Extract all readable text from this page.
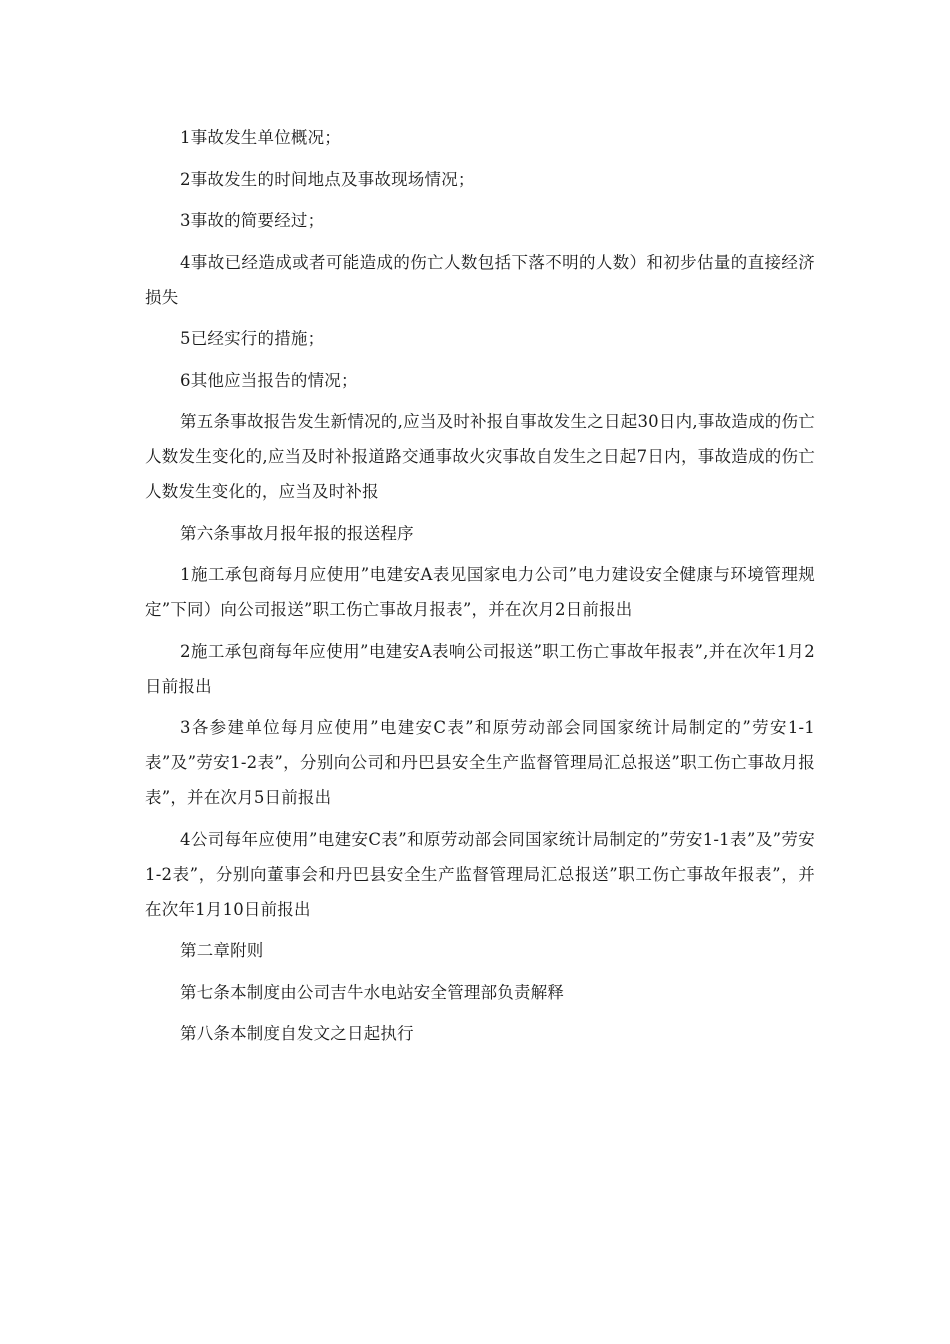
1事故发生单位概况；

2事故发生的时间地点及事故现场情况；

3事故的简要经过；

4事故已经造成或者可能造成的伤亡人数包括下落不明的人数）和初步估量的直接经济损失

5已经实行的措施；

6其他应当报告的情况；

第五条事故报告发生新情况的,应当及时补报自事故发生之日起30日内,事故造成的伤亡人数发生变化的,应当及时补报道路交通事故火灾事故自发生之日起7日内，事故造成的伤亡人数发生变化的，应当及时补报

第六条事故月报年报的报送程序

1施工承包商每月应使用”电建安A表见国家电力公司”电力建设安全健康与环境管理规定”下同）向公司报送”职工伤亡事故月报表”，并在次月2日前报出

2施工承包商每年应使用”电建安A表响公司报送”职工伤亡事故年报表”,并在次年1月2日前报出

3各参建单位每月应使用”电建安C表”和原劳动部会同国家统计局制定的”劳安1-1表”及”劳安1-2表”，分别向公司和丹巴县安全生产监督管理局汇总报送”职工伤亡事故月报表”，并在次月5日前报出

4公司每年应使用”电建安C表”和原劳动部会同国家统计局制定的”劳安1-1表”及”劳安1-2表”，分别向董事会和丹巴县安全生产监督管理局汇总报送”职工伤亡事故年报表”，并在次年1月10日前报出

第二章附则

第七条本制度由公司吉牛水电站安全管理部负责解释

第八条本制度自发文之日起执行
